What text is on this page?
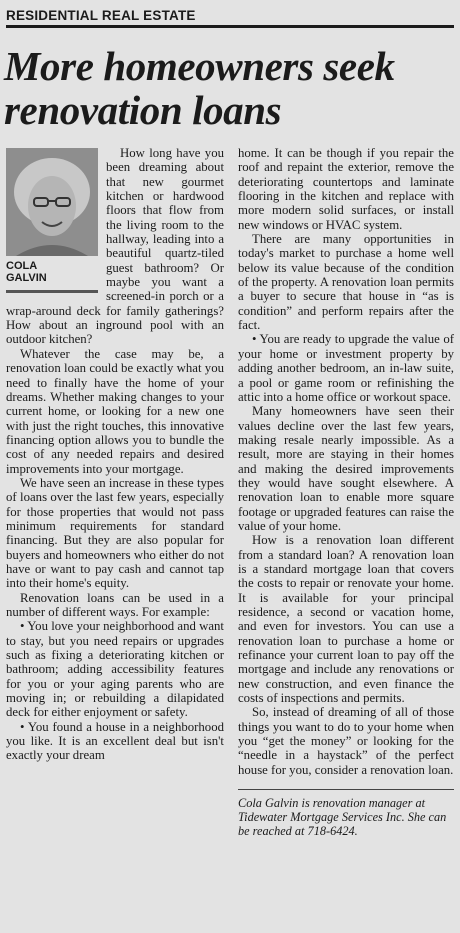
RESIDENTIAL REAL ESTATE
More homeowners seek renovation loans
COLA
GALVIN

How long have you been dreaming about that new gourmet kitchen or hardwood floors that flow from the living room to the hallway, leading into a beautiful quartz-tiled guest bathroom? Or maybe you want a screened-in porch or a wrap-around deck for family gatherings? How about an inground pool with an outdoor kitchen?

Whatever the case may be, a renovation loan could be exactly what you need to finally have the home of your dreams. Whether making changes to your current home, or looking for a new one with just the right touches, this innovative financing option allows you to bundle the cost of any needed repairs and desired improvements into your mortgage.

We have seen an increase in these types of loans over the last few years, especially for those properties that would not pass minimum requirements for standard financing. But they are also popular for buyers and homeowners who either do not have or want to pay cash and cannot tap into their home's equity.

Renovation loans can be used in a number of different ways. For example:

• You love your neighborhood and want to stay, but you need repairs or upgrades such as fixing a deteriorating kitchen or bathroom; adding accessibility features for you or your aging parents who are moving in; or rebuilding a dilapidated deck for either enjoyment or safety.

• You found a house in a neighborhood you like. It is an excellent deal but isn't exactly your dream

home. It can be though if you repair the roof and repaint the exterior, remove the deteriorating countertops and laminate flooring in the kitchen and replace with more modern solid surfaces, or install new windows or HVAC system.

There are many opportunities in today's market to purchase a home well below its value because of the condition of the property. A renovation loan permits a buyer to secure that house in “as is condition” and perform repairs after the fact.

• You are ready to upgrade the value of your home or investment property by adding another bedroom, an in-law suite, a pool or game room or refinishing the attic into a home office or workout space.

Many homeowners have seen their values decline over the last few years, making resale nearly impossible. As a result, more are staying in their homes and making the desired improvements they would have sought elsewhere. A renovation loan to enable more square footage or upgraded features can raise the value of your home.

How is a renovation loan different from a standard loan? A renovation loan is a standard mortgage loan that covers the costs to repair or renovate your home. It is available for your principal residence, a second or vacation home, and even for investors. You can use a renovation loan to purchase a home or refinance your current loan to pay off the mortgage and include any renovations or new construction, and even finance the costs of inspections and permits.

So, instead of dreaming of all of those things you want to do to your home when you “get the money” or looking for the “needle in a haystack” of the perfect house for you, consider a renovation loan.

Cola Galvin is renovation manager at Tidewater Mortgage Services Inc. She can be reached at 718-6424.
